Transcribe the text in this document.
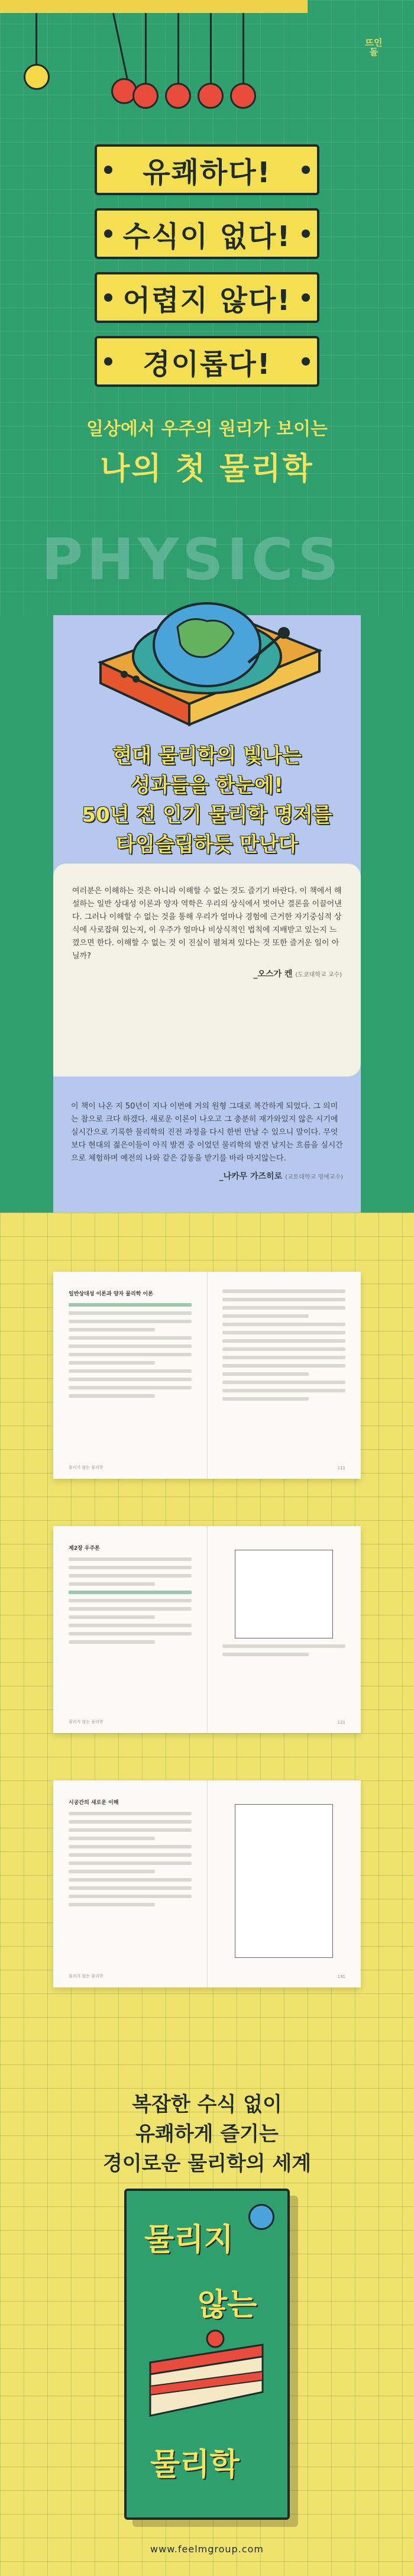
뜨인
돌
유쾌하다!
수식이 없다!
어렵지 않다!
경이롭다!
일상에서 우주의 원리가 보이는
나의 첫 물리학
PHYSICS
현대 물리학의 빛나는
성과들을 한눈에!
50년 전 인기 물리학 명저를
타임슬립하듯 만난다

여러분은 이해하는 것은 아니라 이해할 수 없는 것도 즐기기 바란다. 이 책에서 해설하는 일반 상대성 이론과 양자 역학은 우리의 상식에서 벗어난 결론을 이끌어낸다. 그러나 이해할 수 없는 것을 통해 우리가 얼마나 경험에 근거한 자기중심적 상식에 사로잡혀 있는지, 이 우주가 얼마나 비상식적인 법칙에 지배받고 있는지 느꼈으면 한다. 이해할 수 없는 것 이 진실이 펼쳐져 있다는 것 또한 즐거운 일이 아닐까?

_오스가 켄 (도쿄대학교 교수)

이 책이 나온 지 50년이 지나 이번에 거의 원형 그대로 복간하게 되었다. 그 의미는 참으로 크다 하겠다. 새로운 이론이 나오고 그 충분히 재가와있지 않은 시기에 실시간으로 기록한 물리학의 진전 과정을 다시 한번 만날 수 있으니 말이다. 무엇보다 현대의 젊은이들이 아직 발견 중 이었던 물리학의 발견 날지는 흐름을 실시간으로 체험하며 예전의 나와 같은 감동을 받기를 바라 마지않는다.

_나카무 가즈히로 (교토대학교 명예교수)
일반상대성 이론과 양자 물리학 이론
물리지 않는 물리학	111
제2장 우주론
물리지 않는 물리학	121
시공간의 새로운 이해
물리지 않는 물리학	131
복잡한 수식 없이
유쾌하게 즐기는
경이로운 물리학의 세계
물리지
않는
물리학
www.feelmgroup.com
